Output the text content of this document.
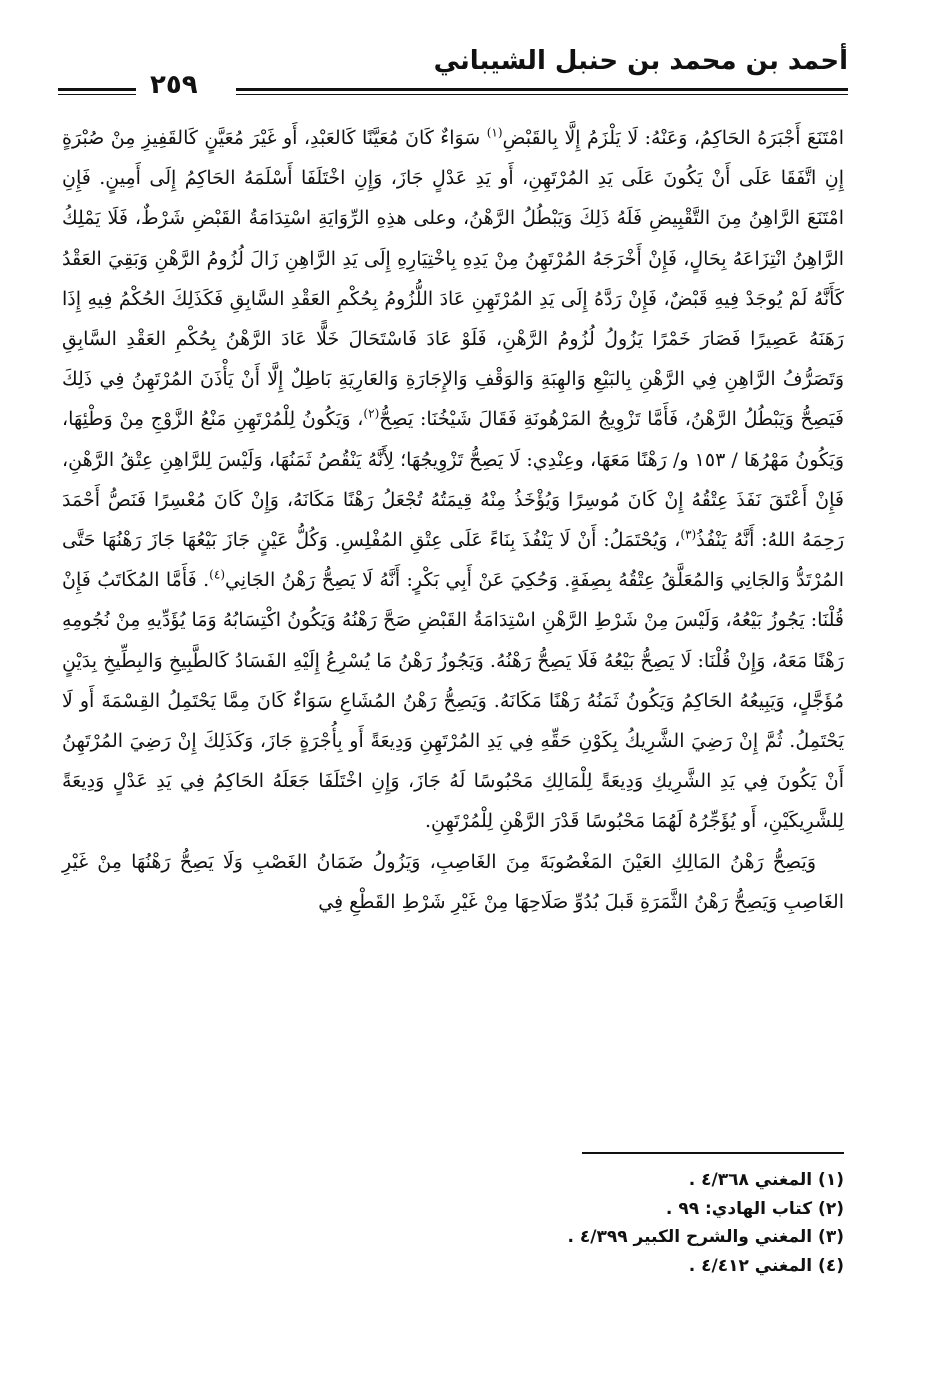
أحمد بن محمد بن حنبل الشيباني
٢٥٩

امْتَنَعَ أَجْبَرَهُ الحَاكِمُ، وَعَنْهُ: لَا يَلْزَمُ إِلَّا بِالقَبْضِ$^{(١)}$ سَوَاءٌ كَانَ مُعَيَّنًا كَالعَبْدِ، أَو غَيْرَ مُعَيَّنٍ كَالقَفِيزِ مِنْ صُبْرَةٍ إِنِ اتَّفَقَا عَلَى أَنْ يَكُونَ عَلَى يَدِ المُرْتَهِنِ، أَو يَدِ عَدْلٍ جَازَ، وَإِنِ اخْتَلَفَا أَسْلَمَهُ الحَاكِمُ إِلَى أَمِينٍ. فَإِنِ امْتَنَعَ الرَّاهِنُ مِنَ التَّقْبِيضِ فَلَهُ ذَلِكَ وَيَبْطُلُ الرَّهْنُ، وعلى هذِهِ الرِّوَايَةِ اسْتِدَامَةُ القَبْضِ شَرْطٌ، فَلَا يَمْلِكُ الرَّاهِنُ انْتِزَاعَهُ بِحَالٍ، فَإِنْ أَخْرَجَهُ المُرْتَهِنُ مِنْ يَدِهِ بِاخْتِيَارِهِ إِلَى يَدِ الرَّاهِنِ زَالَ لُزُومُ الرَّهْنِ وَبَقِيَ العَقْدُ كَأَنَّهُ لَمْ يُوجَدْ فِيهِ قَبْضٌ، فَإِنْ رَدَّهُ إِلَى يَدِ المُرْتَهِنِ عَادَ اللُّزُومُ بِحُكْمِ العَقْدِ السَّابِقِ فَكَذَلِكَ الحُكْمُ فِيهِ إِذَا رَهَنَهُ عَصِيرًا فَصَارَ خَمْرًا يَزُولُ لُزُومُ الرَّهْنِ، فَلَوْ عَادَ فَاسْتَحَالَ خَلًّا عَادَ الرَّهْنُ بِحُكْمِ العَقْدِ السَّابِقِ وَتَصَرُّفُ الرَّاهِنِ فِي الرَّهْنِ بِالبَيْعِ وَالهِبَةِ وَالوَقْفِ وَالإِجَارَةِ وَالعَارِيَةِ بَاطِلٌ إِلَّا أَنْ يَأْذَنَ المُرْتَهِنُ فِي ذَلِكَ فَيَصِحُّ وَيَبْطُلُ الرَّهْنُ، فَأَمَّا تَزْوِيجُ المَرْهُونَةِ فَقَالَ شَيْخُنَا: يَصِحُّ$^{(٢)}$، وَيَكُونُ لِلْمُرْتَهِنِ مَنْعُ الزَّوْجِ مِنْ وَطْئِهَا، وَيَكُونُ مَهْرُهَا / ١٥٣ و/ رَهْنًا مَعَهَا، وعِنْدِي: لَا يَصِحُّ تَزْوِيجُهَا؛ لِأَنَّهُ يَنْقُصُ ثَمَنُهَا، وَلَيْسَ لِلرَّاهِنِ عِتْقُ الرَّهْنِ، فَإِنْ أَعْتَقَ نَفَذَ عِتْقُهُ إِنْ كَانَ مُوسِرًا وَيُؤْخَذُ مِنْهُ قِيمَتُهُ تُجْعَلُ رَهْنًا مَكَانَهُ، وَإِنْ كَانَ مُعْسِرًا فَنَصُّ أَحْمَدَ رَحِمَهُ اللهُ: أَنَّهُ يَنْفُذُ$^{(٣)}$، وَيُحْتَمَلُ: أَنْ لَا يَنْفُذَ بِنَاءً عَلَى عِتْقِ المُفْلِسِ. وَكُلُّ عَيْنٍ جَازَ بَيْعُهَا جَازَ رَهْنُهَا حَتَّى المُرْتَدُّ وَالجَانِي وَالمُعَلَّقُ عِتْقُهُ بِصِفَةٍ. وَحُكِيَ عَنْ أَبِي بَكْرٍ: أَنَّهُ لَا يَصِحُّ رَهْنُ الجَانِي$^{(٤)}$. فَأَمَّا المُكَاتَبُ فَإِنْ قُلْنَا: يَجُوزُ بَيْعُهُ، وَلَيْسَ مِنْ شَرْطِ الرَّهْنِ اسْتِدَامَةُ القَبْضِ صَحَّ رَهْنُهُ وَيَكُونُ اكْتِسَابُهُ وَمَا يُؤَدِّيهِ مِنْ نُجُومِهِ رَهْنًا مَعَهُ، وَإِنْ قُلْنَا: لَا يَصِحُّ بَيْعُهُ فَلَا يَصِحُّ رَهْنُهُ. وَيَجُوزُ رَهْنُ مَا يُسْرِعُ إِلَيْهِ الفَسَادُ كَالطَّبِيخِ وَالبِطِّيخِ بِدَيْنٍ مُؤَجَّلٍ، وَيَبِيعُهُ الحَاكِمُ وَيَكُونُ ثَمَنُهُ رَهْنًا مَكَانَهُ. وَيَصِحُّ رَهْنُ المُشَاعِ سَوَاءٌ كَانَ مِمَّا يَحْتَمِلُ القِسْمَةَ أَو لَا يَحْتَمِلُ. ثُمَّ إِنْ رَضِيَ الشَّرِيكُ بِكَوْنِ حَقِّهِ فِي يَدِ المُرْتَهِنِ وَدِيعَةً أَو بِأُجْرَةٍ جَازَ، وَكَذَلِكَ إِنْ رَضِيَ المُرْتَهِنُ أَنْ يَكُونَ فِي يَدِ الشَّرِيكِ وَدِيعَةً لِلْمَالِكِ مَحْبُوسًا لَهُ جَازَ، وَإِنِ اخْتَلَفَا جَعَلَهُ الحَاكِمُ فِي يَدِ عَدْلٍ وَدِيعَةً لِلشَّرِيكَيْنِ، أَو يُؤَجِّرُهُ لَهُمَا مَحْبُوسًا قَدْرَ الرَّهْنِ لِلْمُرْتَهِنِ.

وَيَصِحُّ رَهْنُ المَالِكِ العَيْنَ المَغْصُوبَةَ مِنَ الغَاصِبِ، وَيَزُولُ ضَمَانُ الغَصْبِ وَلَا يَصِحُّ رَهْنُهَا مِنْ غَيْرِ الغَاصِبِ وَيَصِحُّ رَهْنُ الثَّمَرَةِ قَبلَ بُدُوِّ صَلَاحِهَا مِنْ غَيْرِ شَرْطِ القَطْعِ فِي

(١) المغني ٤/٣٦٨ .
(٢) كتاب الهادي: ٩٩ .
(٣) المغني والشرح الكبير ٤/٣٩٩ .
(٤) المغني ٤/٤١٢ .
